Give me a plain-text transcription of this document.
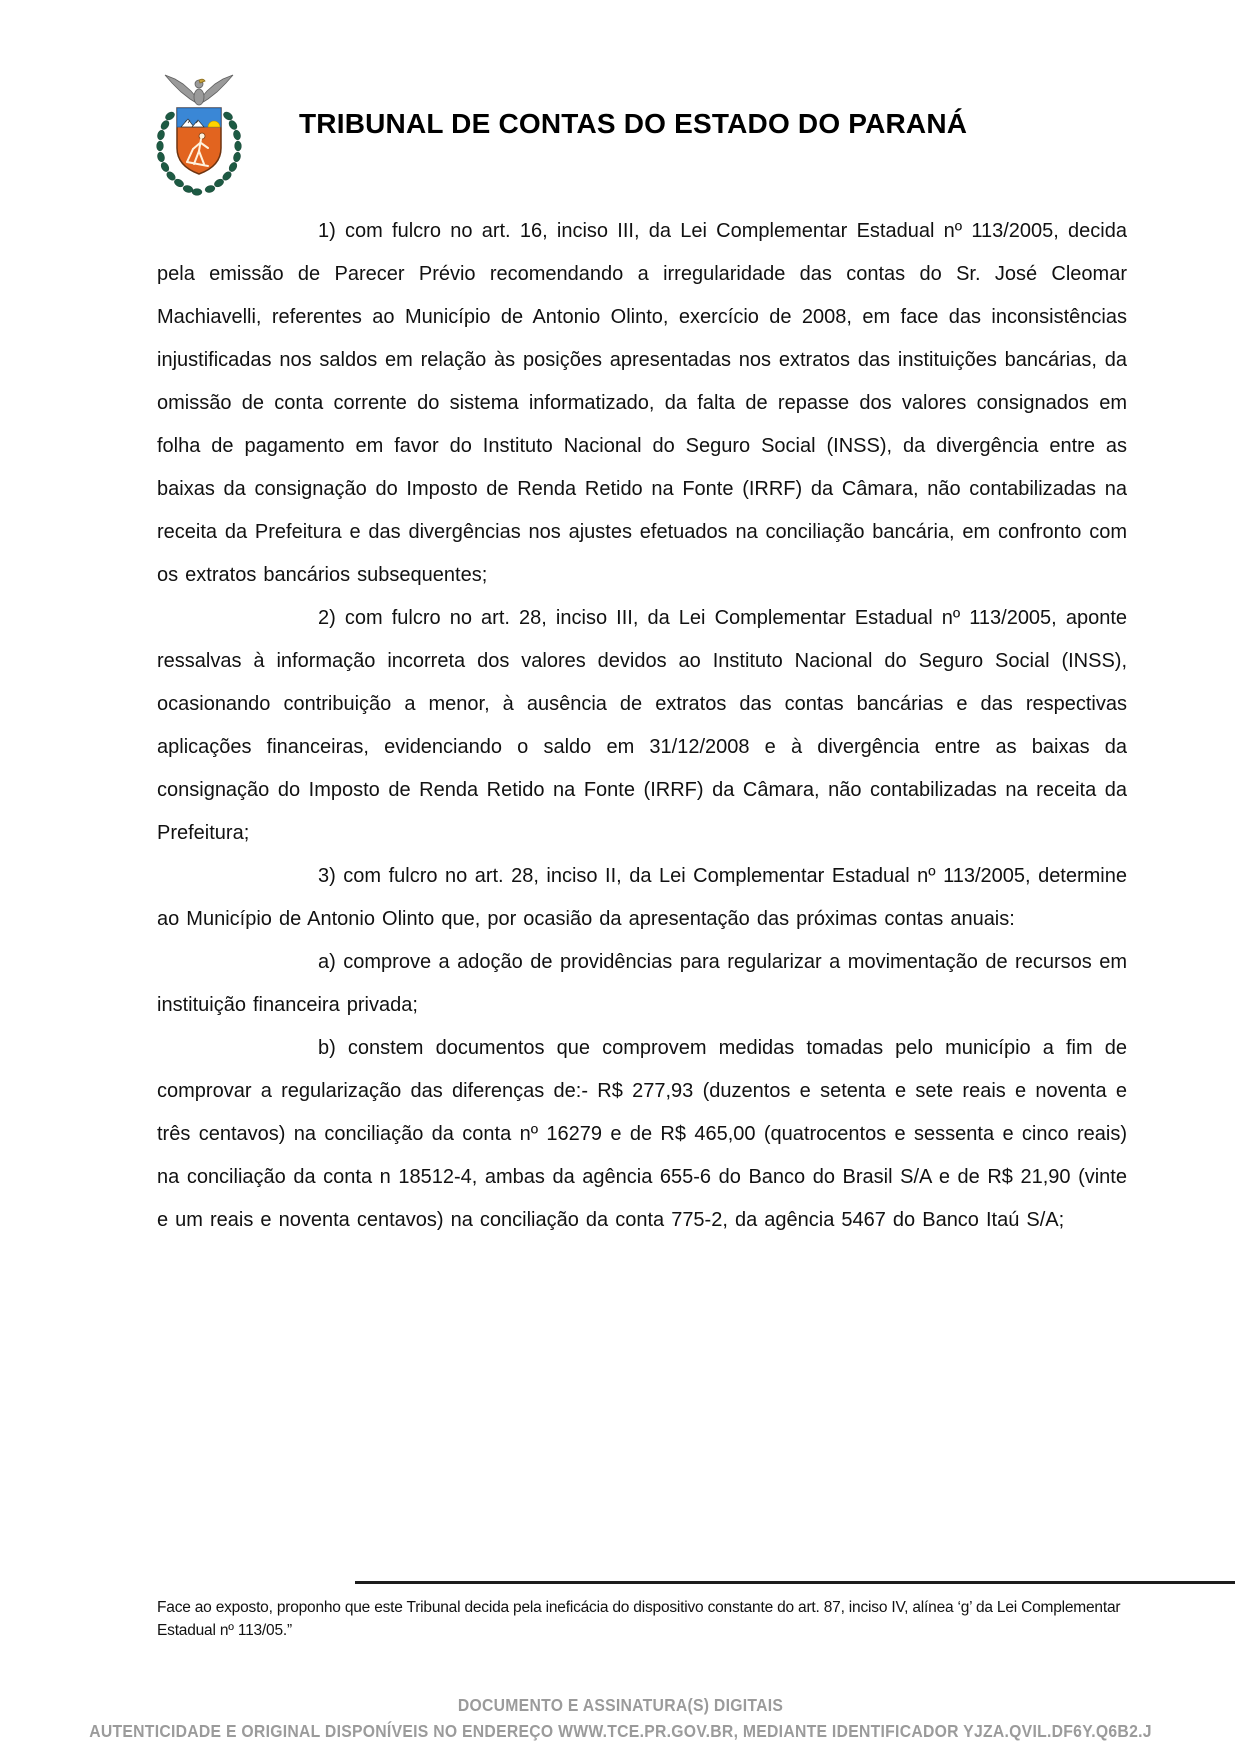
TRIBUNAL DE CONTAS DO ESTADO DO PARANÁ

1) com fulcro no art. 16, inciso III, da Lei Complementar Estadual nº 113/2005, decida pela emissão de Parecer Prévio recomendando a irregularidade das contas do Sr. José Cleomar Machiavelli, referentes ao Município de Antonio Olinto, exercício de 2008, em face das inconsistências injustificadas nos saldos em relação às posições apresentadas nos extratos das instituições bancárias, da omissão de conta corrente do sistema informatizado, da falta de repasse dos valores consignados em folha de pagamento em favor do Instituto Nacional do Seguro Social (INSS), da divergência entre as baixas da consignação do Imposto de Renda Retido na Fonte (IRRF) da Câmara, não contabilizadas na receita da Prefeitura e das divergências nos ajustes efetuados na conciliação bancária, em confronto com os extratos bancários subsequentes;

2) com fulcro no art. 28, inciso III, da Lei Complementar Estadual nº 113/2005, aponte ressalvas à informação incorreta dos valores devidos ao Instituto Nacional do Seguro Social (INSS), ocasionando contribuição a menor, à ausência de extratos das contas bancárias e das respectivas aplicações financeiras, evidenciando o saldo em 31/12/2008 e à divergência entre as baixas da consignação do Imposto de Renda Retido na Fonte (IRRF) da Câmara, não contabilizadas na receita da Prefeitura;

3) com fulcro no art. 28, inciso II, da Lei Complementar Estadual nº 113/2005, determine ao Município de Antonio Olinto que, por ocasião da apresentação das próximas contas anuais:

a) comprove a adoção de providências para regularizar a movimentação de recursos em instituição financeira privada;

b) constem documentos que comprovem medidas tomadas pelo município a fim de comprovar a regularização das diferenças de:- R$ 277,93 (duzentos e setenta e sete reais e noventa e três centavos) na conciliação da conta nº 16279 e de R$ 465,00 (quatrocentos e sessenta e cinco reais) na conciliação da conta n 18512-4, ambas da agência 655-6 do Banco do Brasil S/A e de R$ 21,90 (vinte e um reais e noventa centavos) na conciliação da conta 775-2, da agência 5467 do Banco Itaú S/A;

Face ao exposto, proponho que este Tribunal decida pela ineficácia do dispositivo constante do art. 87, inciso IV, alínea ‘g’ da Lei Complementar Estadual nº 113/05.”
DOCUMENTO E ASSINATURA(S) DIGITAIS
AUTENTICIDADE E ORIGINAL DISPONÍVEIS NO ENDEREÇO WWW.TCE.PR.GOV.BR, MEDIANTE IDENTIFICADOR YJZA.QVIL.DF6Y.Q6B2.J
